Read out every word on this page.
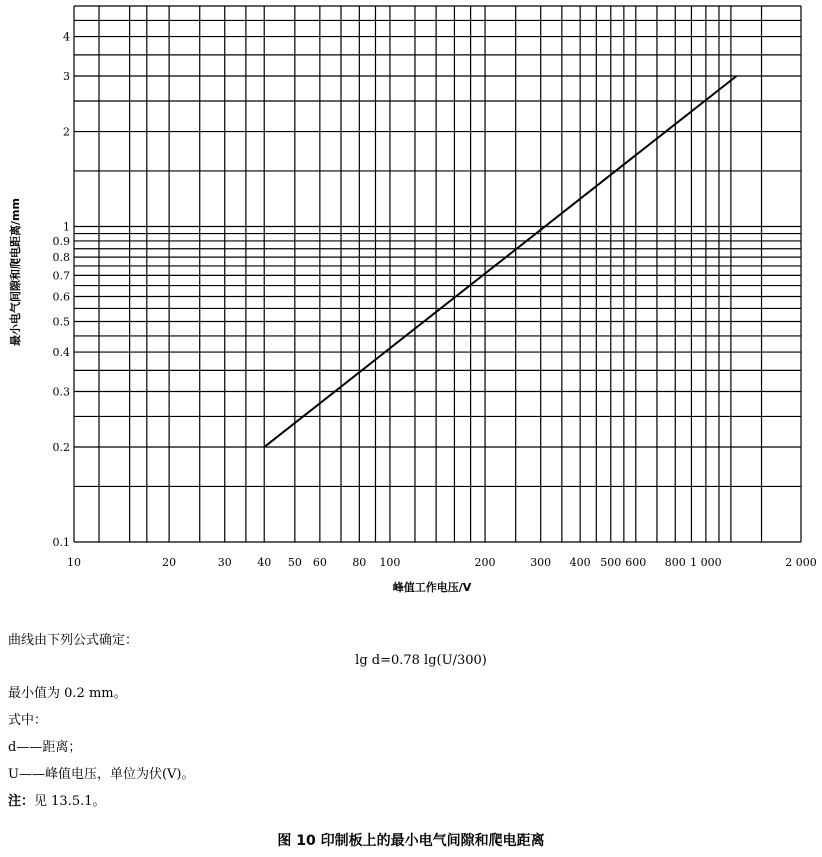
10	20	30 40 50 60 80 100	200	300 400 500 600 800 1 000	2 000
0.1
0.2
0.3
0.4
0.5
0.6
0.7
0.8
0.9
1
2
3
4
峰值工作电压/V
最小电气间隙和爬电距离/mm
曲线由下列公式确定：
lg d=0.78 lg(U/300)
最小值为 0.2 mm。
式中：
d——距离；
U——峰值电压，单位为伏(V)。
注：见 13.5.1。
图 10 印制板上的最小电气间隙和爬电距离
